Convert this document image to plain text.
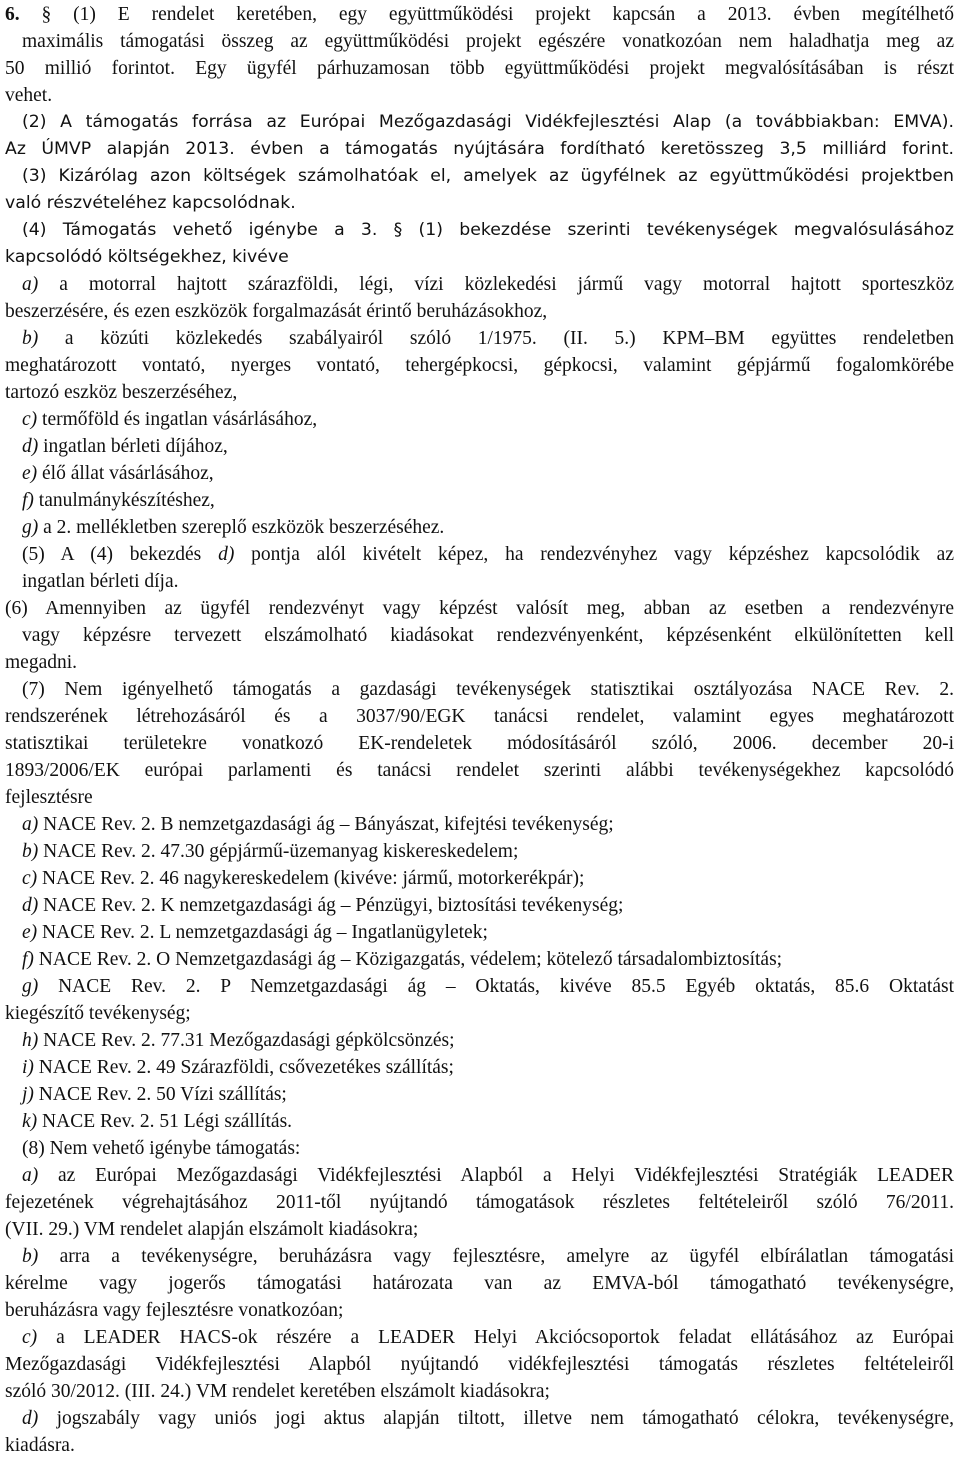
6. § (1) E rendelet keretében, egy együttműködési projekt kapcsán a 2013. évben megítélhető
maximális támogatási összeg az együttműködési projekt egészére vonatkozóan nem haladhatja meg az
50 millió forintot. Egy ügyfél párhuzamosan több együttműködési projekt megvalósításában is részt
vehet.
(2) A támogatás forrása az Európai Mezőgazdasági Vidékfejlesztési Alap (a továbbiakban: EMVA).
Az ÚMVP alapján 2013. évben a támogatás nyújtására fordítható keretösszeg 3,5 milliárd forint.
(3) Kizárólag azon költségek számolhatóak el, amelyek az ügyfélnek az együttműködési projektben
való részvételéhez kapcsolódnak.
(4) Támogatás vehető igénybe a 3. § (1) bekezdése szerinti tevékenységek megvalósulásához
kapcsolódó költségekhez, kivéve
a) a motorral hajtott szárazföldi, légi, vízi közlekedési jármű vagy motorral hajtott sporteszköz
beszerzésére, és ezen eszközök forgalmazását érintő beruházásokhoz,
b) a közúti közlekedés szabályairól szóló 1/1975. (II. 5.) KPM–BM együttes rendeletben
meghatározott vontató, nyerges vontató, tehergépkocsi, gépkocsi, valamint gépjármű fogalomkörébe
tartozó eszköz beszerzéséhez,
c) termőföld és ingatlan vásárlásához,
d) ingatlan bérleti díjához,
e) élő állat vásárlásához,
f) tanulmánykészítéshez,
g) a 2. mellékletben szereplő eszközök beszerzéséhez.
(5) A (4) bekezdés d) pontja alól kivételt képez, ha rendezvényhez vagy képzéshez kapcsolódik az
ingatlan bérleti díja.
(6) Amennyiben az ügyfél rendezvényt vagy képzést valósít meg, abban az esetben a rendezvényre
vagy képzésre tervezett elszámolható kiadásokat rendezvényenként, képzésenként elkülönítetten kell
megadni.
(7) Nem igényelhető támogatás a gazdasági tevékenységek statisztikai osztályozása NACE Rev. 2.
rendszerének létrehozásáról és a 3037/90/EGK tanácsi rendelet, valamint egyes meghatározott
statisztikai területekre vonatkozó EK-rendeletek módosításáról szóló, 2006. december 20-i
1893/2006/EK európai parlamenti és tanácsi rendelet szerinti alábbi tevékenységekhez kapcsolódó
fejlesztésre
a) NACE Rev. 2. B nemzetgazdasági ág – Bányászat, kifejtési tevékenység;
b) NACE Rev. 2. 47.30 gépjármű-üzemanyag kiskereskedelem;
c) NACE Rev. 2. 46 nagykereskedelem (kivéve: jármű, motorkerékpár);
d) NACE Rev. 2. K nemzetgazdasági ág – Pénzügyi, biztosítási tevékenység;
e) NACE Rev. 2. L nemzetgazdasági ág – Ingatlanügyletek;
f) NACE Rev. 2. O Nemzetgazdasági ág – Közigazgatás, védelem; kötelező társadalombiztosítás;
g) NACE Rev. 2. P Nemzetgazdasági ág – Oktatás, kivéve 85.5 Egyéb oktatás, 85.6 Oktatást
kiegészítő tevékenység;
h) NACE Rev. 2. 77.31 Mezőgazdasági gépkölcsönzés;
i) NACE Rev. 2. 49 Szárazföldi, csővezetékes szállítás;
j) NACE Rev. 2. 50 Vízi szállítás;
k) NACE Rev. 2. 51 Légi szállítás.
(8) Nem vehető igénybe támogatás:
a) az Európai Mezőgazdasági Vidékfejlesztési Alapból a Helyi Vidékfejlesztési Stratégiák LEADER
fejezetének végrehajtásához 2011-től nyújtandó támogatások részletes feltételeiről szóló 76/2011.
(VII. 29.) VM rendelet alapján elszámolt kiadásokra;
b) arra a tevékenységre, beruházásra vagy fejlesztésre, amelyre az ügyfél elbírálatlan támogatási
kérelme vagy jogerős támogatási határozata van az EMVA-ból támogatható tevékenységre,
beruházásra vagy fejlesztésre vonatkozóan;
c) a LEADER HACS-ok részére a LEADER Helyi Akciócsoportok feladat ellátásához az Európai
Mezőgazdasági Vidékfejlesztési Alapból nyújtandó vidékfejlesztési támogatás részletes feltételeiről
szóló 30/2012. (III. 24.) VM rendelet keretében elszámolt kiadásokra;
d) jogszabály vagy uniós jogi aktus alapján tiltott, illetve nem támogatható célokra, tevékenységre,
kiadásra.
